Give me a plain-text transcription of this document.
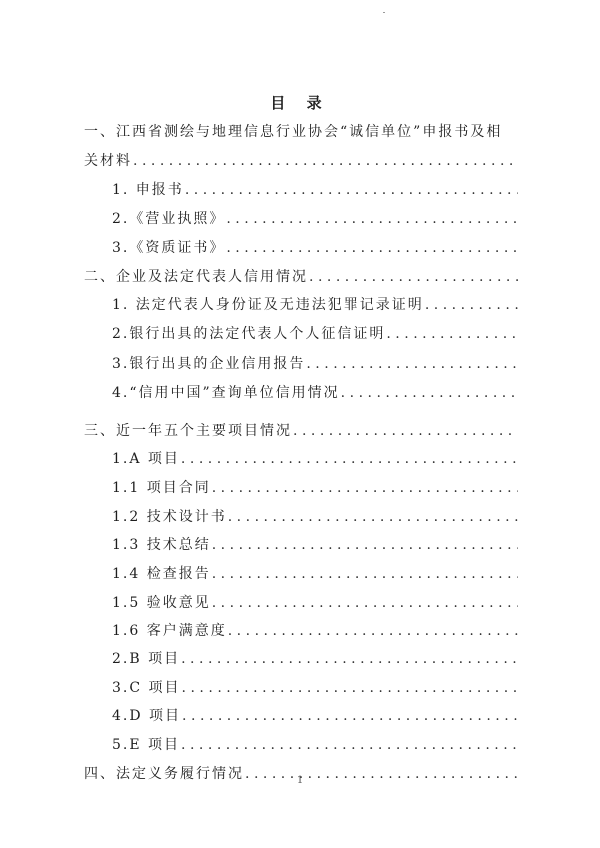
目 录
一、江西省测绘与地理信息行业协会“诚信单位”申报书及相
关材料
.....
1. 申报书
.....
2.《营业执照》
.....
3.《资质证书》
.....
二、企业及法定代表人信用情况
.....
1. 法定代表人身份证及无违法犯罪记录证明
.....
2.银行出具的法定代表人个人征信证明
.....
3.银行出具的企业信用报告
.....
4.“信用中国”查询单位信用情况
.....
三、近一年五个主要项目情况
.....
1.A 项目
.....
1.1 项目合同
.....
1.2 技术设计书
.....
1.3 技术总结
.....
1.4 检查报告
.....
1.5 验收意见
.....
1.6 客户满意度
.....
2.B 项目
.....
3.C 项目
.....
4.D 项目
.....
5.E 项目
.....
四、法定义务履行情况
.....	1
